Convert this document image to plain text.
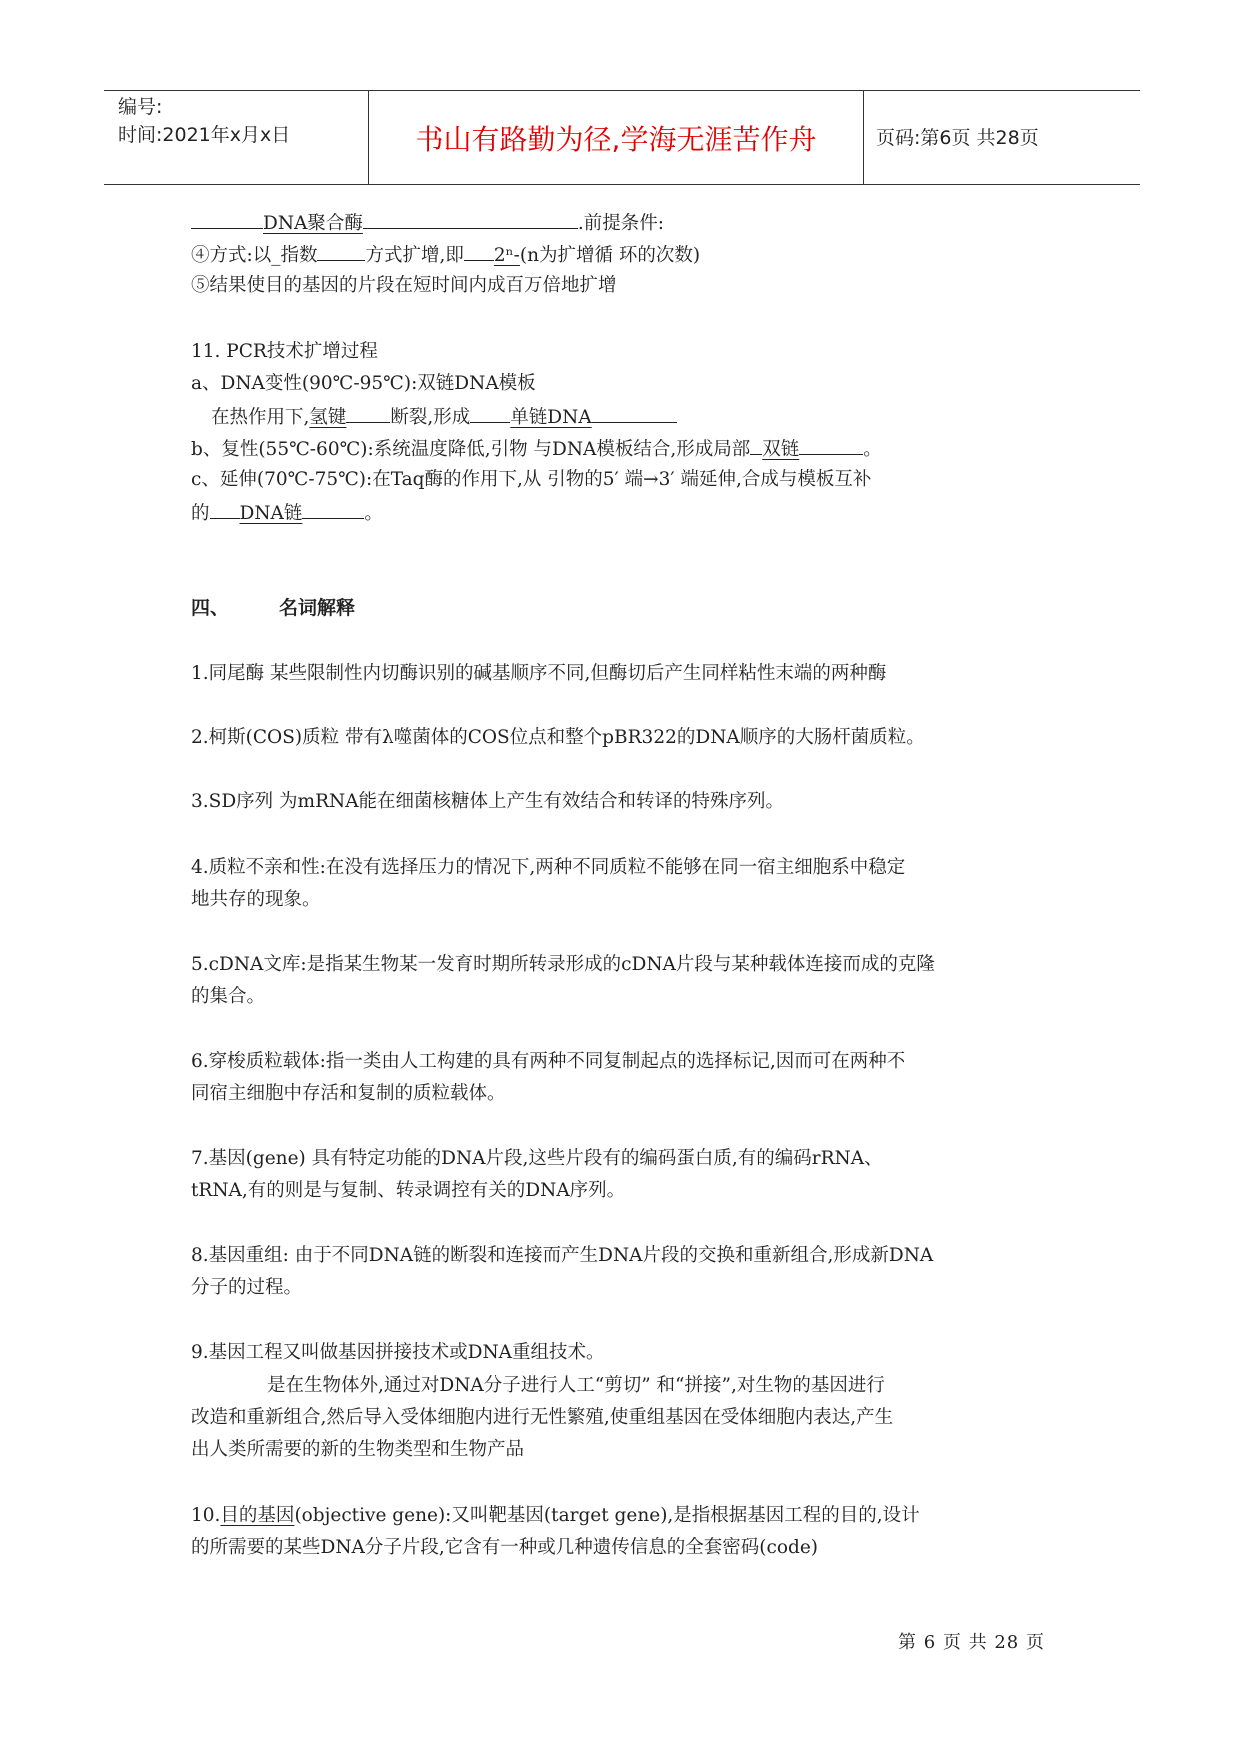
编号:
时间:2021年x月x日	书山有路勤为径,学海无涯苦作舟	页码:第6页 共28页
DNA聚合酶	.前提条件:
④方式:以_指数	方式扩增,即 2ⁿ-(n为扩增循 环的次数)
⑤结果使目的基因的片段在短时间内成百万倍地扩增
11. PCR技术扩增过程
a、DNA变性(90℃-95℃):双链DNA模板
在热作用下,氢键 断裂,形成 单链DNA
b、复性(55℃-60℃):系统温度降低,引物 与DNA模板结合,形成局部 双链	。
c、延伸(70℃-75℃):在Taq酶的作用下,从 引物的5′ 端→3′ 端延伸,合成与模板互补
的 DNA链	。
四、	名词解释
1.同尾酶 某些限制性内切酶识别的碱基顺序不同,但酶切后产生同样粘性末端的两种酶
2.柯斯(COS)质粒 带有λ噬菌体的COS位点和整个pBR322的DNA顺序的大肠杆菌质粒。
3.SD序列 为mRNA能在细菌核糖体上产生有效结合和转译的特殊序列。
4.质粒不亲和性:在没有选择压力的情况下,两种不同质粒不能够在同一宿主细胞系中稳定
地共存的现象。
5.cDNA文库:是指某生物某一发育时期所转录形成的cDNA片段与某种载体连接而成的克隆
的集合。
6.穿梭质粒载体:指一类由人工构建的具有两种不同复制起点的选择标记,因而可在两种不
同宿主细胞中存活和复制的质粒载体。
7.基因(gene) 具有特定功能的DNA片段,这些片段有的编码蛋白质,有的编码rRNA、
tRNA,有的则是与复制、转录调控有关的DNA序列。
8.基因重组: 由于不同DNA链的断裂和连接而产生DNA片段的交换和重新组合,形成新DNA
分子的过程。
9.基因工程又叫做基因拼接技术或DNA重组技术。
是在生物体外,通过对DNA分子进行人工“剪切” 和“拼接”,对生物的基因进行
改造和重新组合,然后导入受体细胞内进行无性繁殖,使重组基因在受体细胞内表达,产生
出人类所需要的新的生物类型和生物产品
10.目的基因(objective gene):又叫靶基因(target gene),是指根据基因工程的目的,设计
的所需要的某些DNA分子片段,它含有一种或几种遗传信息的全套密码(code)
第 6 页 共 28 页
